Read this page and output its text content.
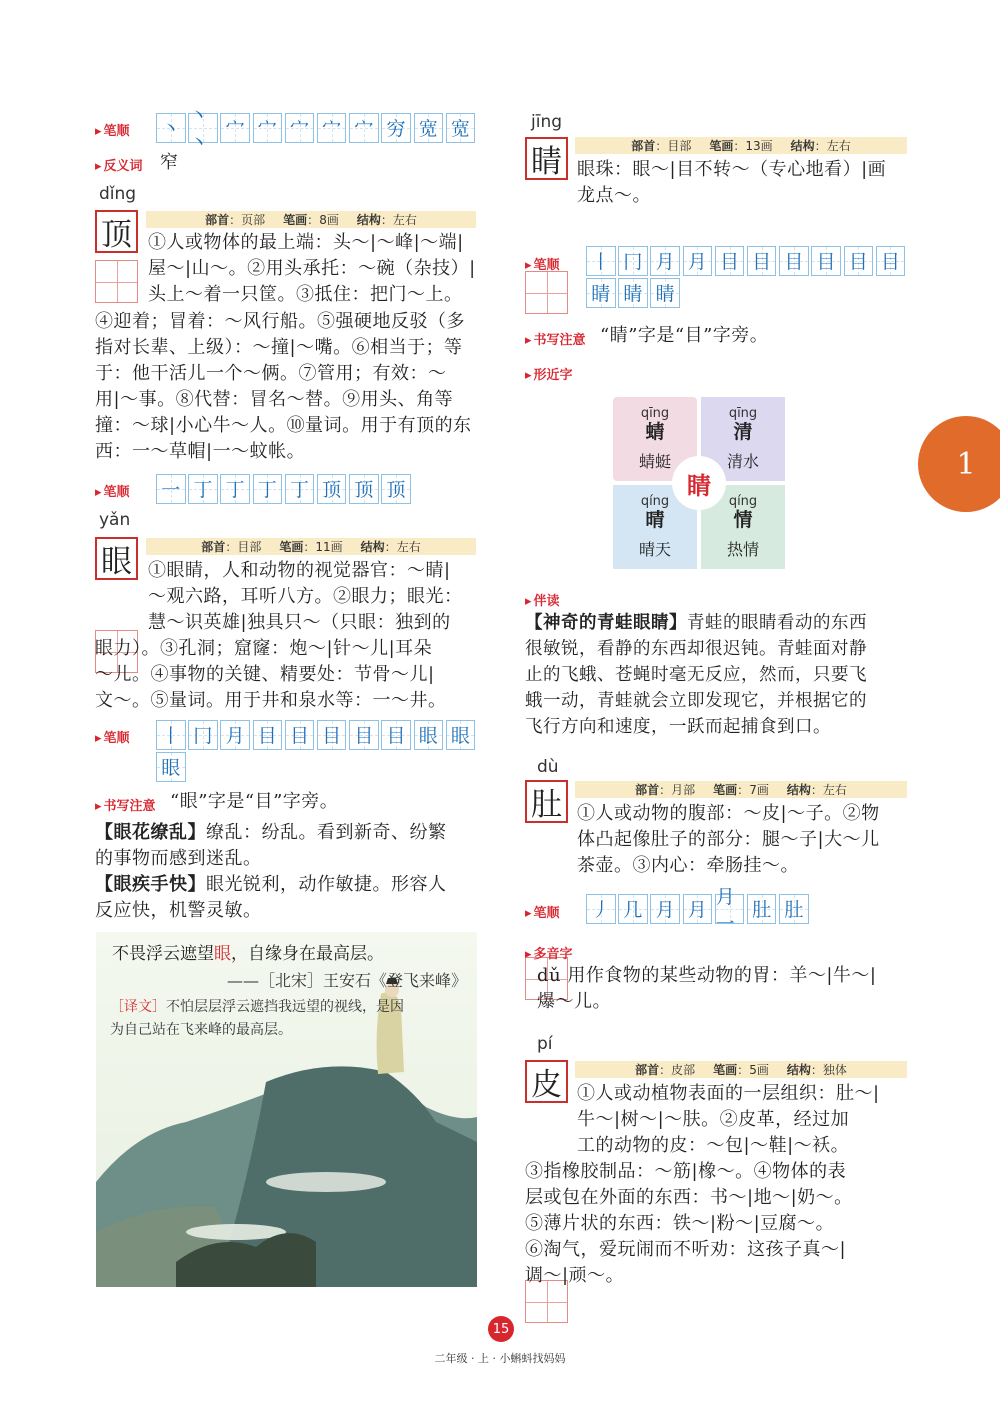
▸ 笔顺 丶
丶丶
宀 宀 宀 宀 宀 穷 宽 宽
▸ 反义词 窄
dǐng
顶	部首：页部 笔画：8画 结构：左右
①人或物体的最上端：头～|～峰|～端|
屋～|山～。②用头承托：～碗（杂技）|
头上～着一只筐。③抵住：把门～上。
④迎着；冒着：～风行船。⑤强硬地反驳（多
指对长辈、上级）：～撞|～嘴。⑥相当于；等
于：他干活儿一个～俩。⑦管用；有效：～
用|～事。⑧代替：冒名～替。⑨用头、角等
撞：～球|小心牛～人。⑩量词。用于有顶的东
西：一～草帽|一～蚊帐。
▸ 笔顺 一 丁 丁 丁 丁 顶 顶 顶
yǎn
眼	部首：目部 笔画：11画 结构：左右
①眼睛，人和动物的视觉器官：～睛|
～观六路，耳听八方。②眼力；眼光：
慧～识英雄|独具只～（只眼：独到的
眼力）。③孔洞；窟窿：炮～|针～儿|耳朵
～儿。④事物的关键、精要处：节骨～儿|
文～。⑤量词。用于井和泉水等：一～井。
▸ 笔顺 丨 冂 月 目 目 目 目 目 眼 眼
眼
▸ 书写注意 “眼”字是“目”字旁。
【眼花缭乱】缭乱：纷乱。看到新奇、纷繁
的事物而感到迷乱。
【眼疾手快】眼光锐利，动作敏捷。形容人
反应快，机警灵敏。
不畏浮云遮望眼，自缘身在最高层。
——［北宋］王安石《登飞来峰》
［译文］不怕层层浮云遮挡我远望的视线，是因
为自己站在飞来峰的最高层。
jīng
睛	部首：目部 笔画：13画 结构：左右
眼珠：眼～|目不转～（专心地看）|画
龙点～。
▸ 笔顺 丨 冂 月 月 目 目 目 目 目 目
睛 睛 睛
▸ 书写注意 “睛”字是“目”字旁。
▸ 形近字
qīng
蜻
蜻蜓
qīng
清
清水
qíng
晴
晴天
qíng
情
热情
睛
▸ 伴读
【神奇的青蛙眼睛】青蛙的眼睛看动的东西
很敏锐，看静的东西却很迟钝。青蛙面对静
止的飞蛾、苍蝇时毫无反应，然而，只要飞
蛾一动，青蛙就会立即发现它，并根据它的
飞行方向和速度，一跃而起捕食到口。
dù
肚	部首：月部 笔画：7画 结构：左右
①人或动物的腹部：～皮|～子。②物
体凸起像肚子的部分：腿～子|大～儿
茶壶。③内心：牵肠挂～。
▸ 笔顺 丿 几 月 月
月一
肚 肚
▸ 多音字
dǔ 用作食物的某些动物的胃：羊～|牛～|
爆～儿。
pí
皮	部首：皮部 笔画：5画 结构：独体
①人或动植物表面的一层组织：肚～|
牛～|树～|～肤。②皮革，经过加
工的动物的皮：～包|～鞋|～袄。
③指橡胶制品：～筋|橡～。④物体的表
层或包在外面的东西：书～|地～|奶～。
⑤薄片状的东西：铁～|粉～|豆腐～。
⑥淘气，爱玩闹而不听劝：这孩子真～|
调～|顽～。
1
15
二年级 · 上 · 小蝌蚪找妈妈
